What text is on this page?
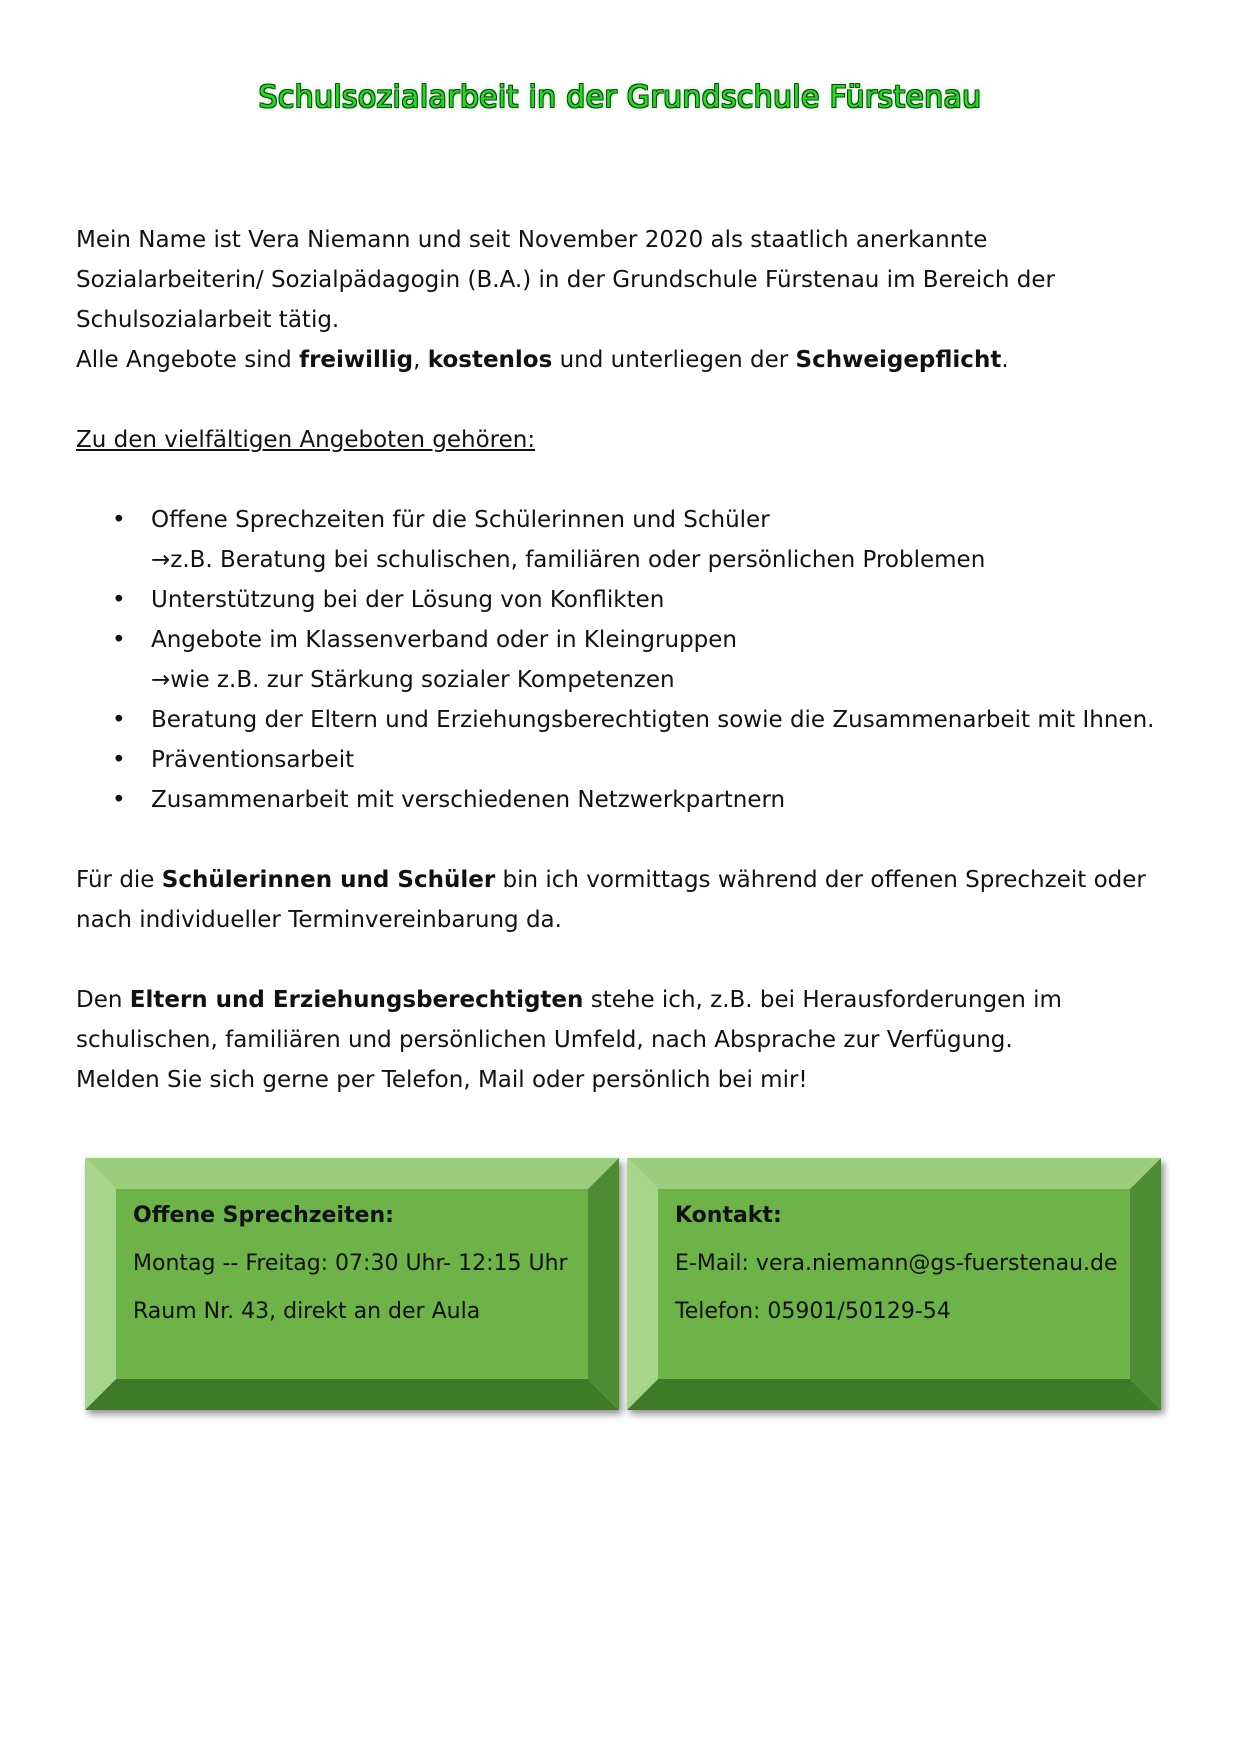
Schulsozialarbeit in der Grundschule Fürstenau

Mein Name ist Vera Niemann und seit November 2020 als staatlich anerkannte

Sozialarbeiterin/ Sozialpädagogin (B.A.) in der Grundschule Fürstenau im Bereich der

Schulsozialarbeit tätig.

Alle Angebote sind freiwillig, kostenlos und unterliegen der Schweigepflicht.

Zu den vielfältigen Angeboten gehören:

• Offene Sprechzeiten für die Schülerinnen und Schüler
→z.B. Beratung bei schulischen, familiären oder persönlichen Problemen
• Unterstützung bei der Lösung von Konflikten
• Angebote im Klassenverband oder in Kleingruppen
→wie z.B. zur Stärkung sozialer Kompetenzen
• Beratung der Eltern und Erziehungsberechtigten sowie die Zusammenarbeit mit Ihnen.
• Präventionsarbeit
• Zusammenarbeit mit verschiedenen Netzwerkpartnern

Für die Schülerinnen und Schüler bin ich vormittags während der offenen Sprechzeit oder

nach individueller Terminvereinbarung da.

Den Eltern und Erziehungsberechtigten stehe ich, z.B. bei Herausforderungen im

schulischen, familiären und persönlichen Umfeld, nach Absprache zur Verfügung.

Melden Sie sich gerne per Telefon, Mail oder persönlich bei mir!

Offene Sprechzeiten:
Montag -- Freitag: 07:30 Uhr- 12:15 Uhr
Raum Nr. 43, direkt an der Aula
Kontakt:
E-Mail: vera.niemann@gs-fuerstenau.de
Telefon: 05901/50129-54
